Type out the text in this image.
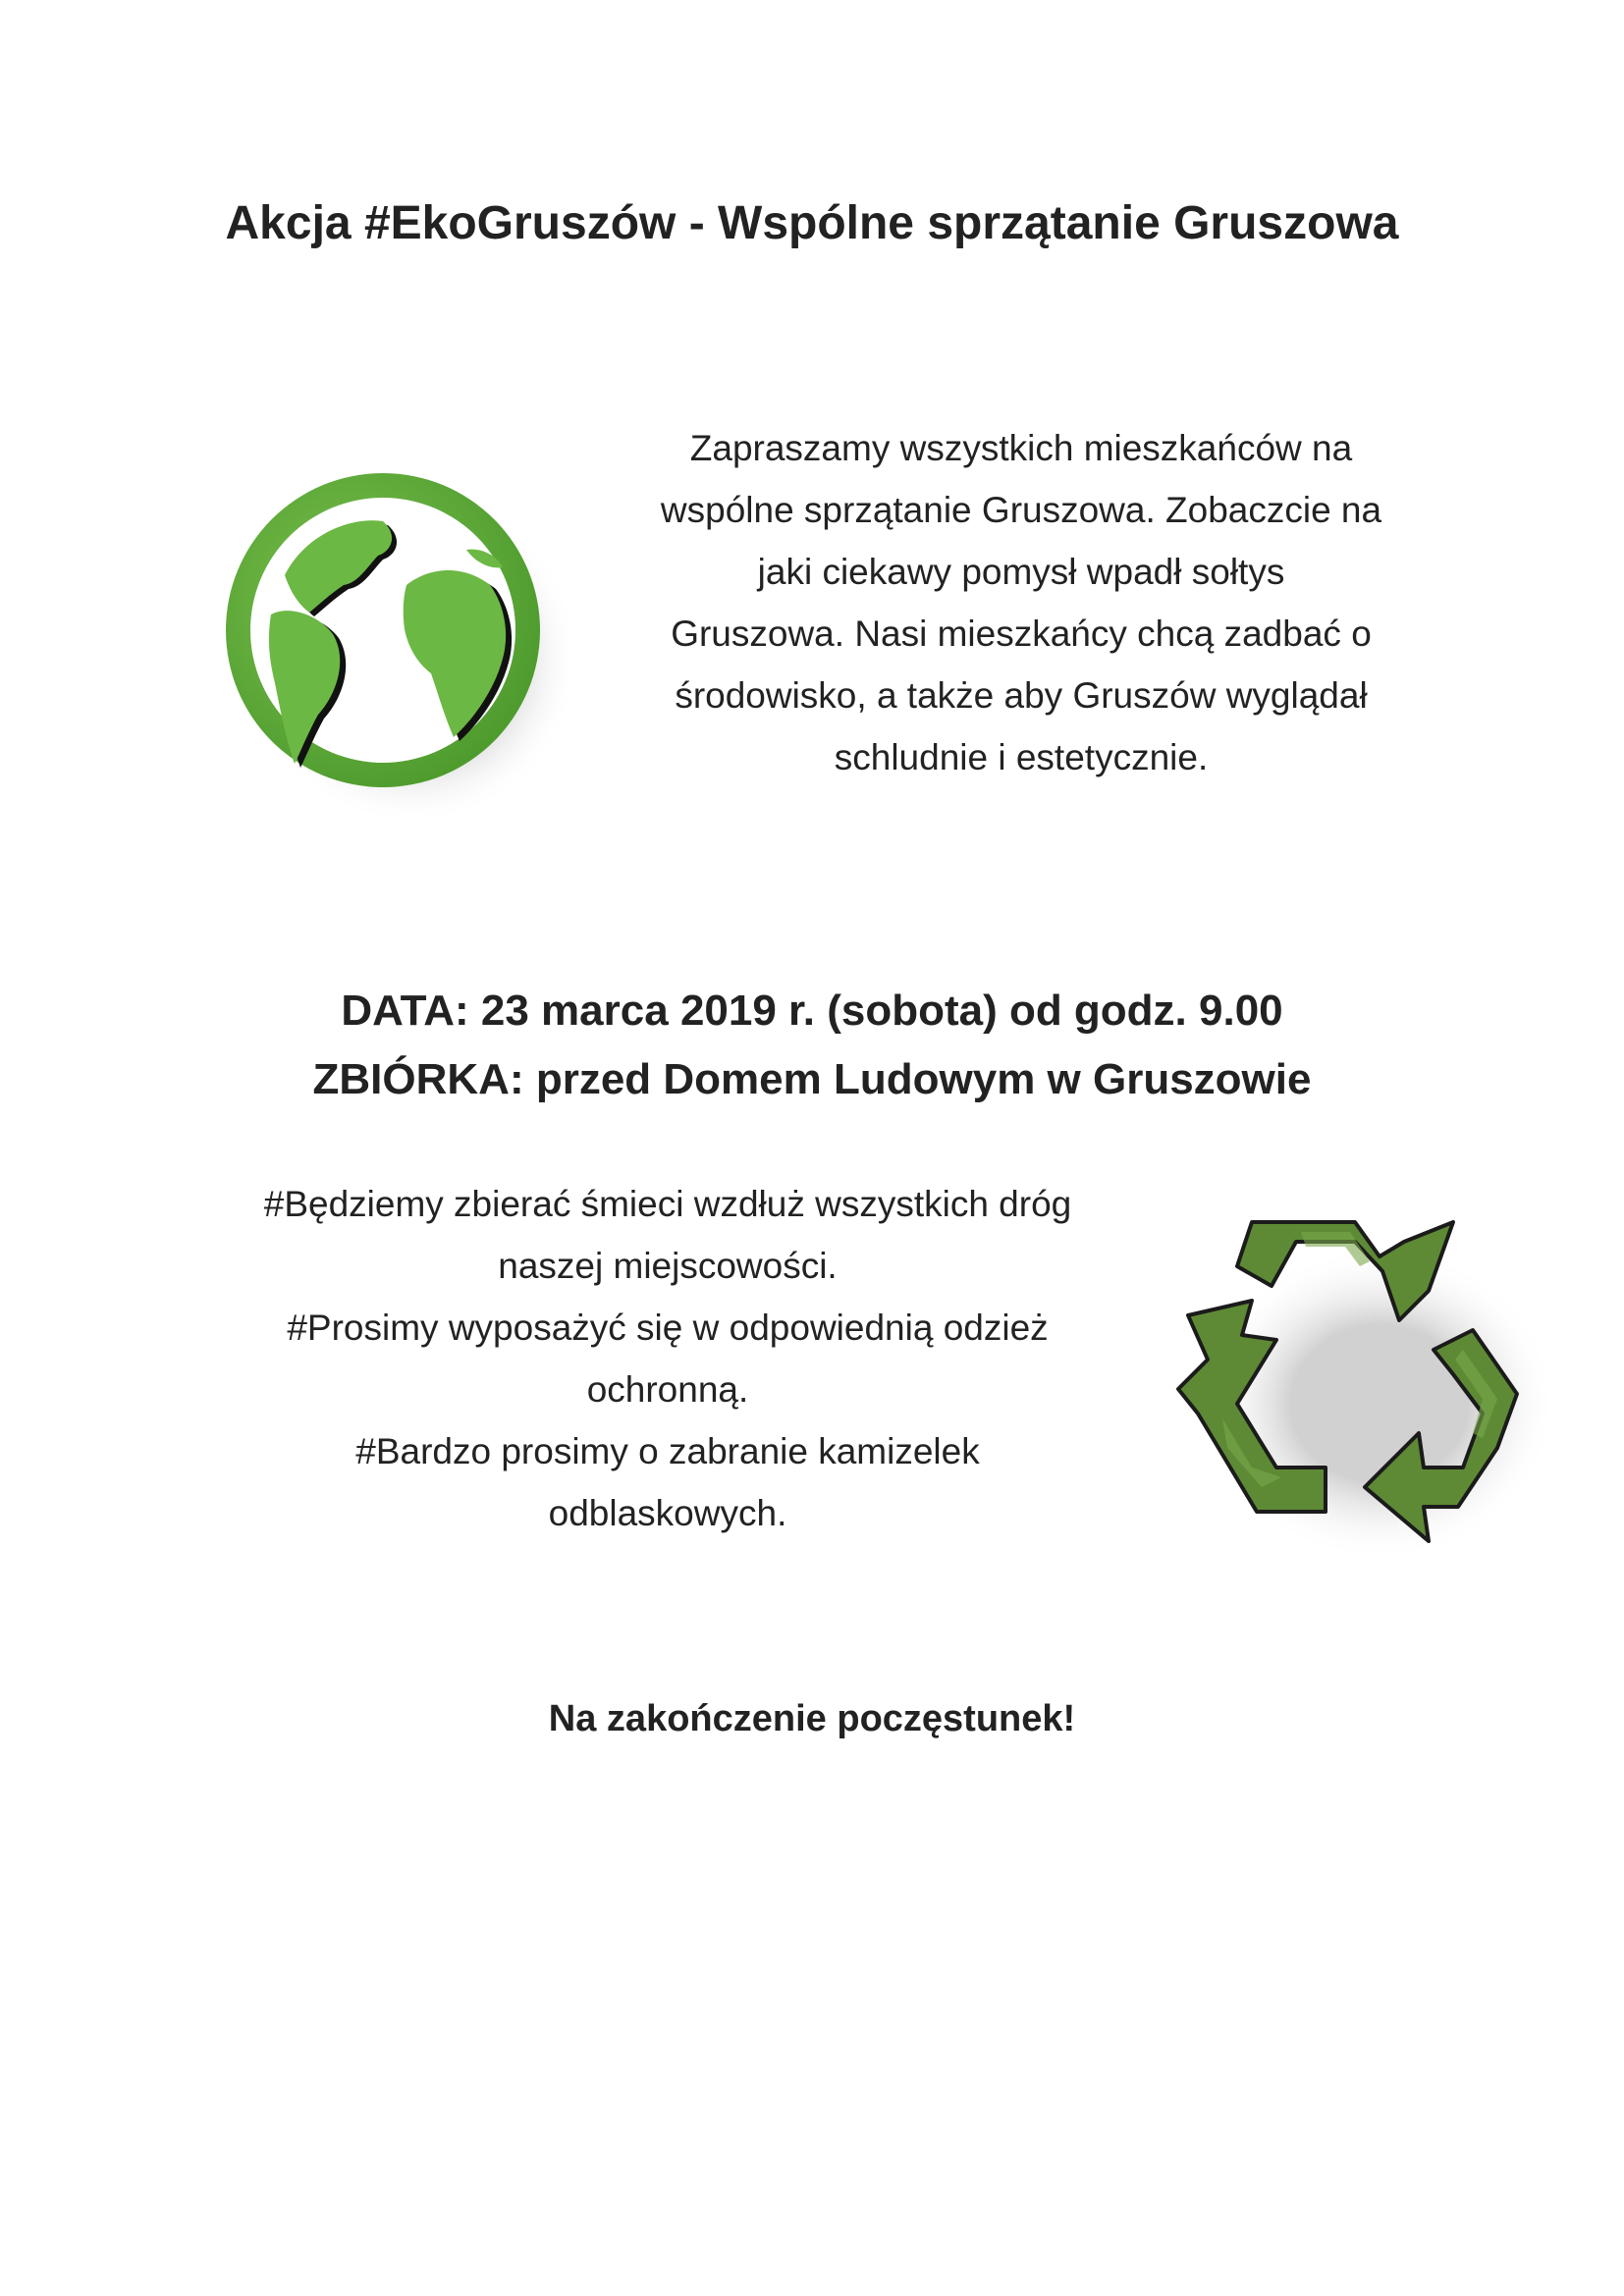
Akcja #EkoGruszów - Wspólne sprzątanie Gruszowa
Zapraszamy wszystkich mieszkańców na
wspólne sprzątanie Gruszowa. Zobaczcie na
jaki ciekawy pomysł wpadł sołtys
Gruszowa. Nasi mieszkańcy chcą zadbać o
środowisko, a także aby Gruszów wyglądał
schludnie i estetycznie.
DATA: 23 marca 2019 r. (sobota) od godz. 9.00
ZBIÓRKA: przed Domem Ludowym w Gruszowie
#Będziemy zbierać śmieci wzdłuż wszystkich dróg
naszej miejscowości.
#Prosimy wyposażyć się w odpowiednią odzież
ochronną.
#Bardzo prosimy o zabranie kamizelek
odblaskowych.
Na zakończenie poczęstunek!
